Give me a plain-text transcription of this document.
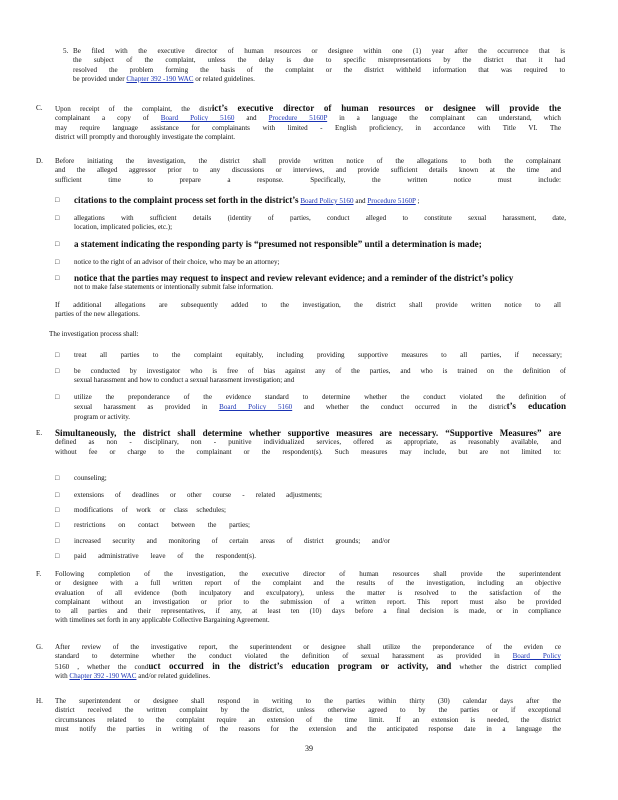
5. Be filed with the executive director of human resources or designee within one (1) year after the occurrence that is
the subject of the complaint, unless the delay is due to specific misrepresentations by the district that it had
resolved the problem forming the basis of the complaint or the district withheld information that was required to
be provided under Chapter 392 -190 WAC or related guidelines.
C. Upon receipt of the complaint, the district’s executive director of human resources or designee will provide the
complainant a copy of Board Policy 5160 and Procedure 5160P in a language the complainant can understand, which
may require language assistance for complainants with limited - English proficiency, in accordance with Title VI. The
district will promptly and thoroughly investigate the complaint.
D. Before initiating the investigation, the district shall provide written notice of the allegations to both the complainant
and the alleged aggressor prior to any discussions or interviews, and provide sufficient details known at the time and
sufficient time to prepare a response. Specifically, the written notice must include:
□ citations to the complaint process set forth in the district’s Board Policy 5160 and Procedure 5160P ;
□ allegations with sufficient details (identity of parties, conduct alleged to constitute sexual harassment, date,
location, implicated policies, etc.);
□ a statement indicating the responding party is “presumed not responsible” until a determination is made;
□ notice to the right of an advisor of their choice, who may be an attorney;
□ notice that the parties may request to inspect and review relevant evidence; and a reminder of the district’s policy
not to make false statements or intentionally submit false information.
If additional allegations are subsequently added to the investigation, the district shall provide written notice to all
parties of the new allegations.
The investigation process shall:
□ treat all parties to the complaint equitably, including providing supportive measures to all parties, if necessary;
□ be conducted by investigator who is free of bias against any of the parties, and who is trained on the definition of
sexual harassment and how to conduct a sexual harassment investigation; and
□ utilize the preponderance of the evidence standard to determine whether the conduct violated the definition of
sexual harassment as provided in Board Policy 5160 and whether the conduct occurred in the district’s education
program or activity.
E. Simultaneously, the district shall determine whether supportive measures are necessary. “Supportive Measures” are
defined as non - disciplinary, non - punitive individualized services, offered as appropriate, as reasonably available, and
without fee or charge to the complainant or the respondent(s). Such measures may include, but are not limited to:
□ counseling;
□ extensions of deadlines or other course - related adjustments;
□ modifications of work or class schedules;
□ restrictions on contact between the parties;
□ increased security and monitoring of certain areas of district grounds; and/or
□ paid administrative leave of the respondent(s).
F. Following completion of the investigation, the executive director of human resources shall provide the superintendent
or designee with a full written report of the complaint and the results of the investigation, including an objective
evaluation of all evidence (both inculpatory and exculpatory), unless the matter is resolved to the satisfaction of the
complainant without an investigation or prior to the submission of a written report. This report must also be provided
to all parties and their representatives, if any, at least ten (10) days before a final decision is made, or in compliance
with timelines set forth in any applicable Collective Bargaining Agreement.
G. After review of the investigative report, the superintendent or designee shall utilize the preponderance of the eviden ce
standard to determine whether the conduct violated the definition of sexual harassment as provided in Board Policy
5160 , whether the conduct occurred in the district’s education program or activity, and whether the district complied
with Chapter 392 -190 WAC and/or related guidelines.
H. The superintendent or designee shall respond in writing to the parties within thirty (30) calendar days after the
district received the written complaint by the district, unless otherwise agreed to by the parties or if exceptional
circumstances related to the complaint require an extension of the time limit. If an extension is needed, the district
must notify the parties in writing of the reasons for the extension and the anticipated response date in a language the
39
